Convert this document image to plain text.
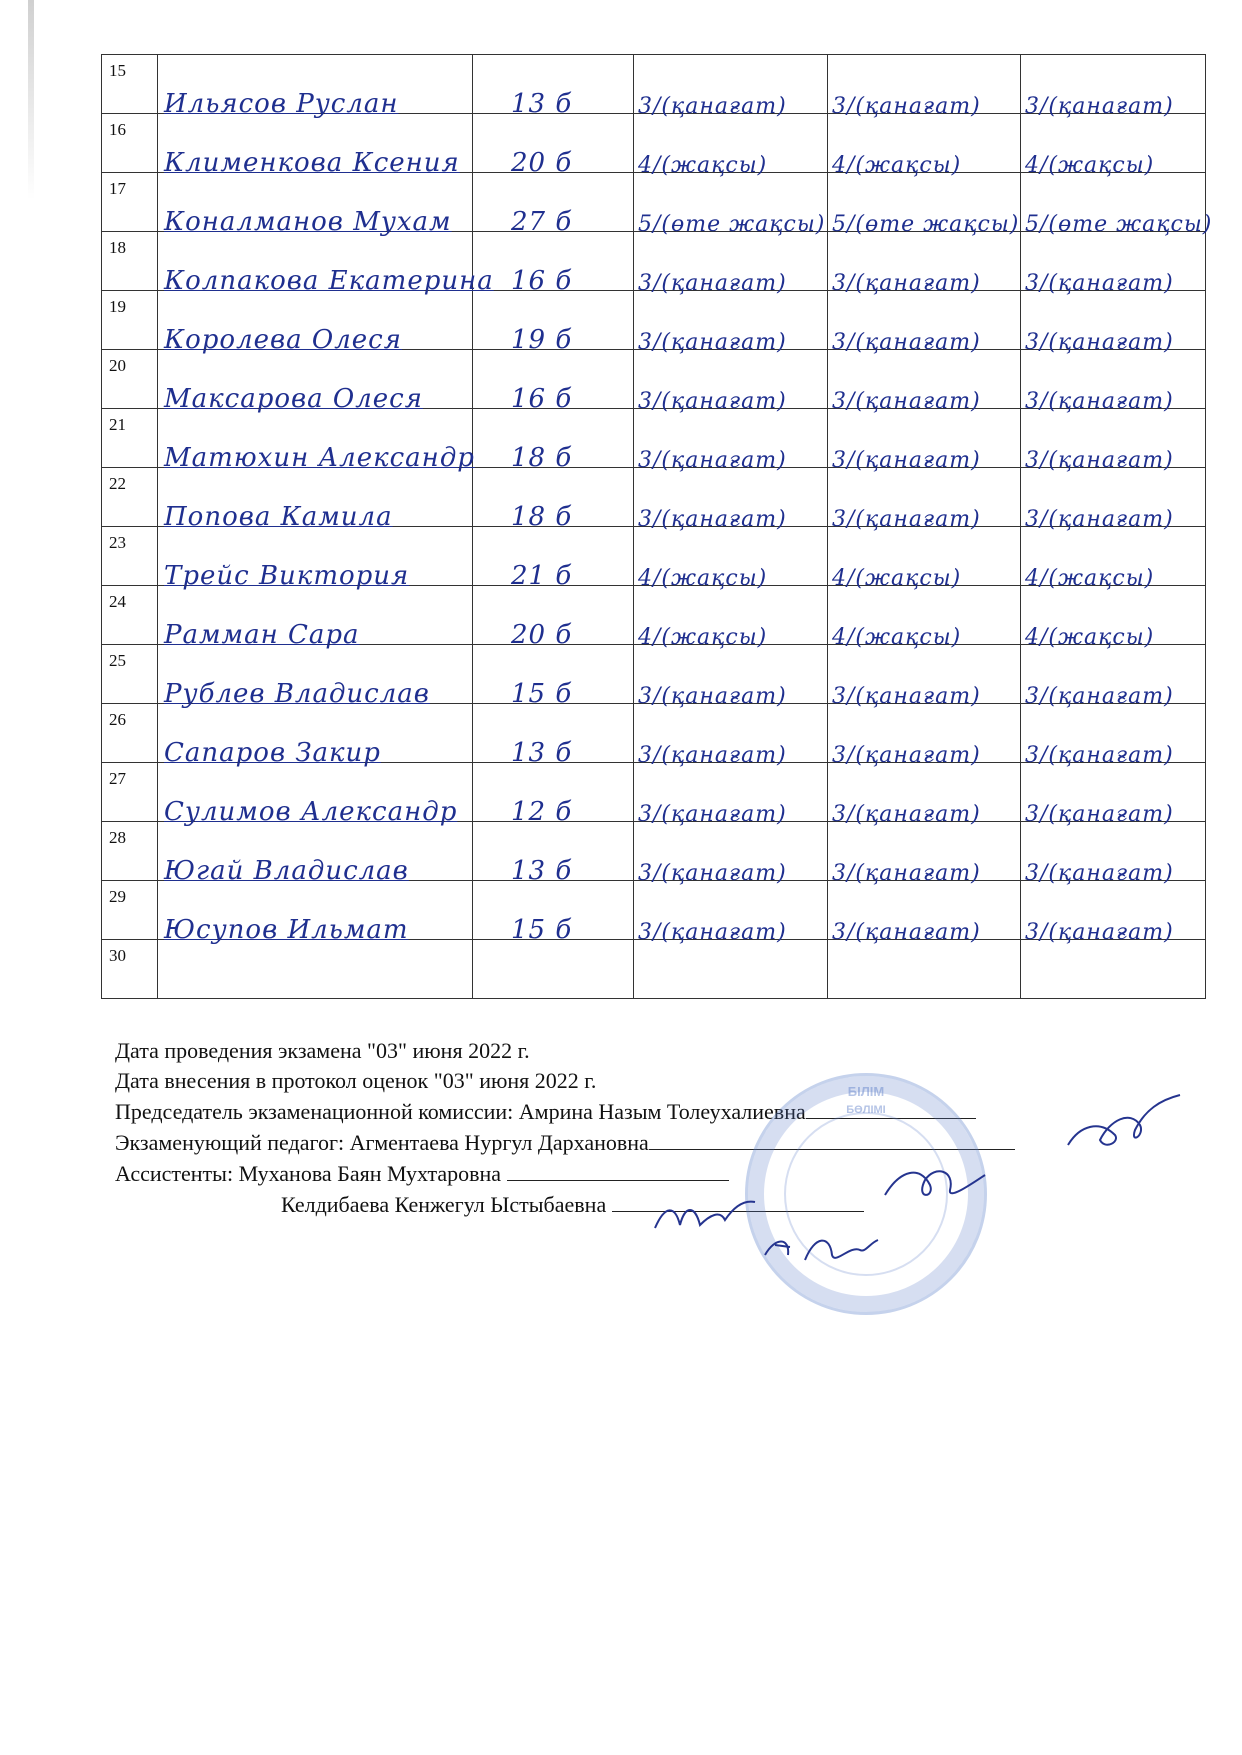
15	Ильясов Руслан	13 б	3/(қанағат)	3/(қанағат)	3/(қанағат)

16	Клименкова Ксения	20 б	4/(жақсы)	4/(жақсы)	4/(жақсы)

17	Коналманов Мухам	27 б	5/(өте жақсы)	5/(өте жақсы)	5/(өте жақсы)

18	Колпакова Екатерина	16 б	3/(қанағат)	3/(қанағат)	3/(қанағат)

19	Королева Олеся	19 б	3/(қанағат)	3/(қанағат)	3/(қанағат)

20	Максарова Олеся	16 б	3/(қанағат)	3/(қанағат)	3/(қанағат)

21	Матюхин Александр	18 б	3/(қанағат)	3/(қанағат)	3/(қанағат)

22	Попова Камила	18 б	3/(қанағат)	3/(қанағат)	3/(қанағат)

23	Трейс Виктория	21 б	4/(жақсы)	4/(жақсы)	4/(жақсы)

24	Рамман Сара	20 б	4/(жақсы)	4/(жақсы)	4/(жақсы)

25	Рублев Владислав	15 б	3/(қанағат)	3/(қанағат)	3/(қанағат)

26	Сапаров Закир	13 б	3/(қанағат)	3/(қанағат)	3/(қанағат)

27	Сулимов Александр	12 б	3/(қанағат)	3/(қанағат)	3/(қанағат)

28	Югай Владислав	13 б	3/(қанағат)	3/(қанағат)	3/(қанағат)

29	Юсупов Ильмат	15 б	3/(қанағат)	3/(қанағат)	3/(қанағат)

30	

Дата проведения экзамена "03" июня 2022 г.
Дата внесения в протокол оценок "03" июня 2022 г.
Председатель экзаменационной комиссии: Амрина Назым Толеухалиевна
Экзаменующий педагог: Агментаева Нургул Дархановна
Ассистенты: Муханова Баян Мухтаровна
Келдибаева Кенжегул Ыстыбаевна
БІЛІМ
БӨЛІМІ
